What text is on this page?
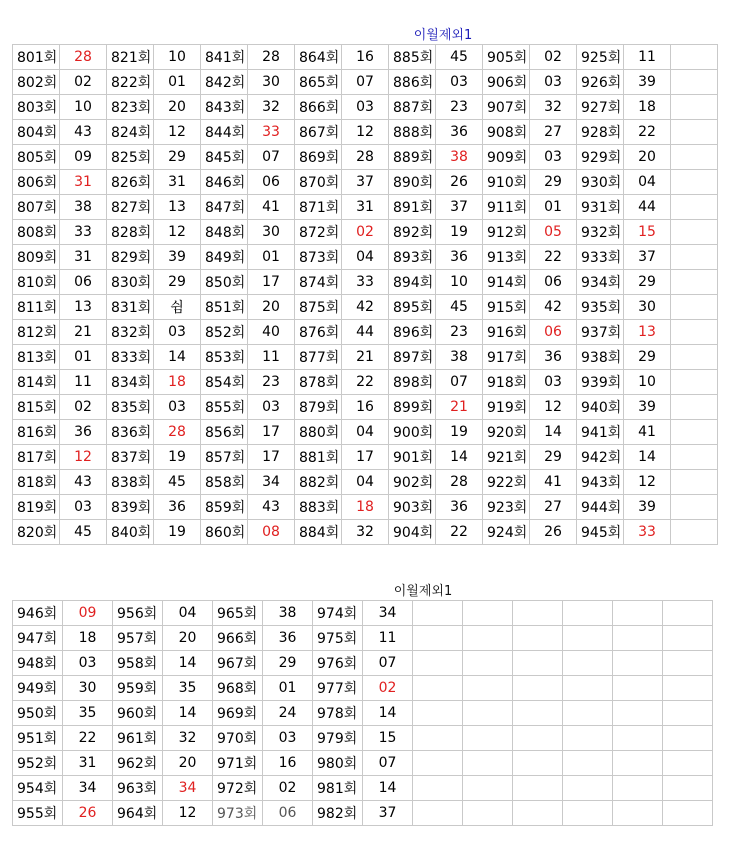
이월제외1
801회	28	821회	10	841회	28	864회	16	885회	45	905회	02	925회	11	
802회	02	822회	01	842회	30	865회	07	886회	03	906회	03	926회	39	
803회	10	823회	20	843회	32	866회	03	887회	23	907회	32	927회	18	
804회	43	824회	12	844회	33	867회	12	888회	36	908회	27	928회	22	
805회	09	825회	29	845회	07	869회	28	889회	38	909회	03	929회	20	
806회	31	826회	31	846회	06	870회	37	890회	26	910회	29	930회	04	
807회	38	827회	13	847회	41	871회	31	891회	37	911회	01	931회	44	
808회	33	828회	12	848회	30	872회	02	892회	19	912회	05	932회	15	
809회	31	829회	39	849회	01	873회	04	893회	36	913회	22	933회	37	
810회	06	830회	29	850회	17	874회	33	894회	10	914회	06	934회	29	
811회	13	831회	쉼	851회	20	875회	42	895회	45	915회	42	935회	30	
812회	21	832회	03	852회	40	876회	44	896회	23	916회	06	937회	13	
813회	01	833회	14	853회	11	877회	21	897회	38	917회	36	938회	29	
814회	11	834회	18	854회	23	878회	22	898회	07	918회	03	939회	10	
815회	02	835회	03	855회	03	879회	16	899회	21	919회	12	940회	39	
816회	36	836회	28	856회	17	880회	04	900회	19	920회	14	941회	41	
817회	12	837회	19	857회	17	881회	17	901회	14	921회	29	942회	14	
818회	43	838회	45	858회	34	882회	04	902회	28	922회	41	943회	12	
819회	03	839회	36	859회	43	883회	18	903회	36	923회	27	944회	39	
820회	45	840회	19	860회	08	884회	32	904회	22	924회	26	945회	33	
이월제외1
946회	09	956회	04	965회	38	974회	34						
947회	18	957회	20	966회	36	975회	11						
948회	03	958회	14	967회	29	976회	07						
949회	30	959회	35	968회	01	977회	02						
950회	35	960회	14	969회	24	978회	14						
951회	22	961회	32	970회	03	979회	15						
952회	31	962회	20	971회	16	980회	07						
954회	34	963회	34	972회	02	981회	14						
955회	26	964회	12	973회	06	982회	37						
